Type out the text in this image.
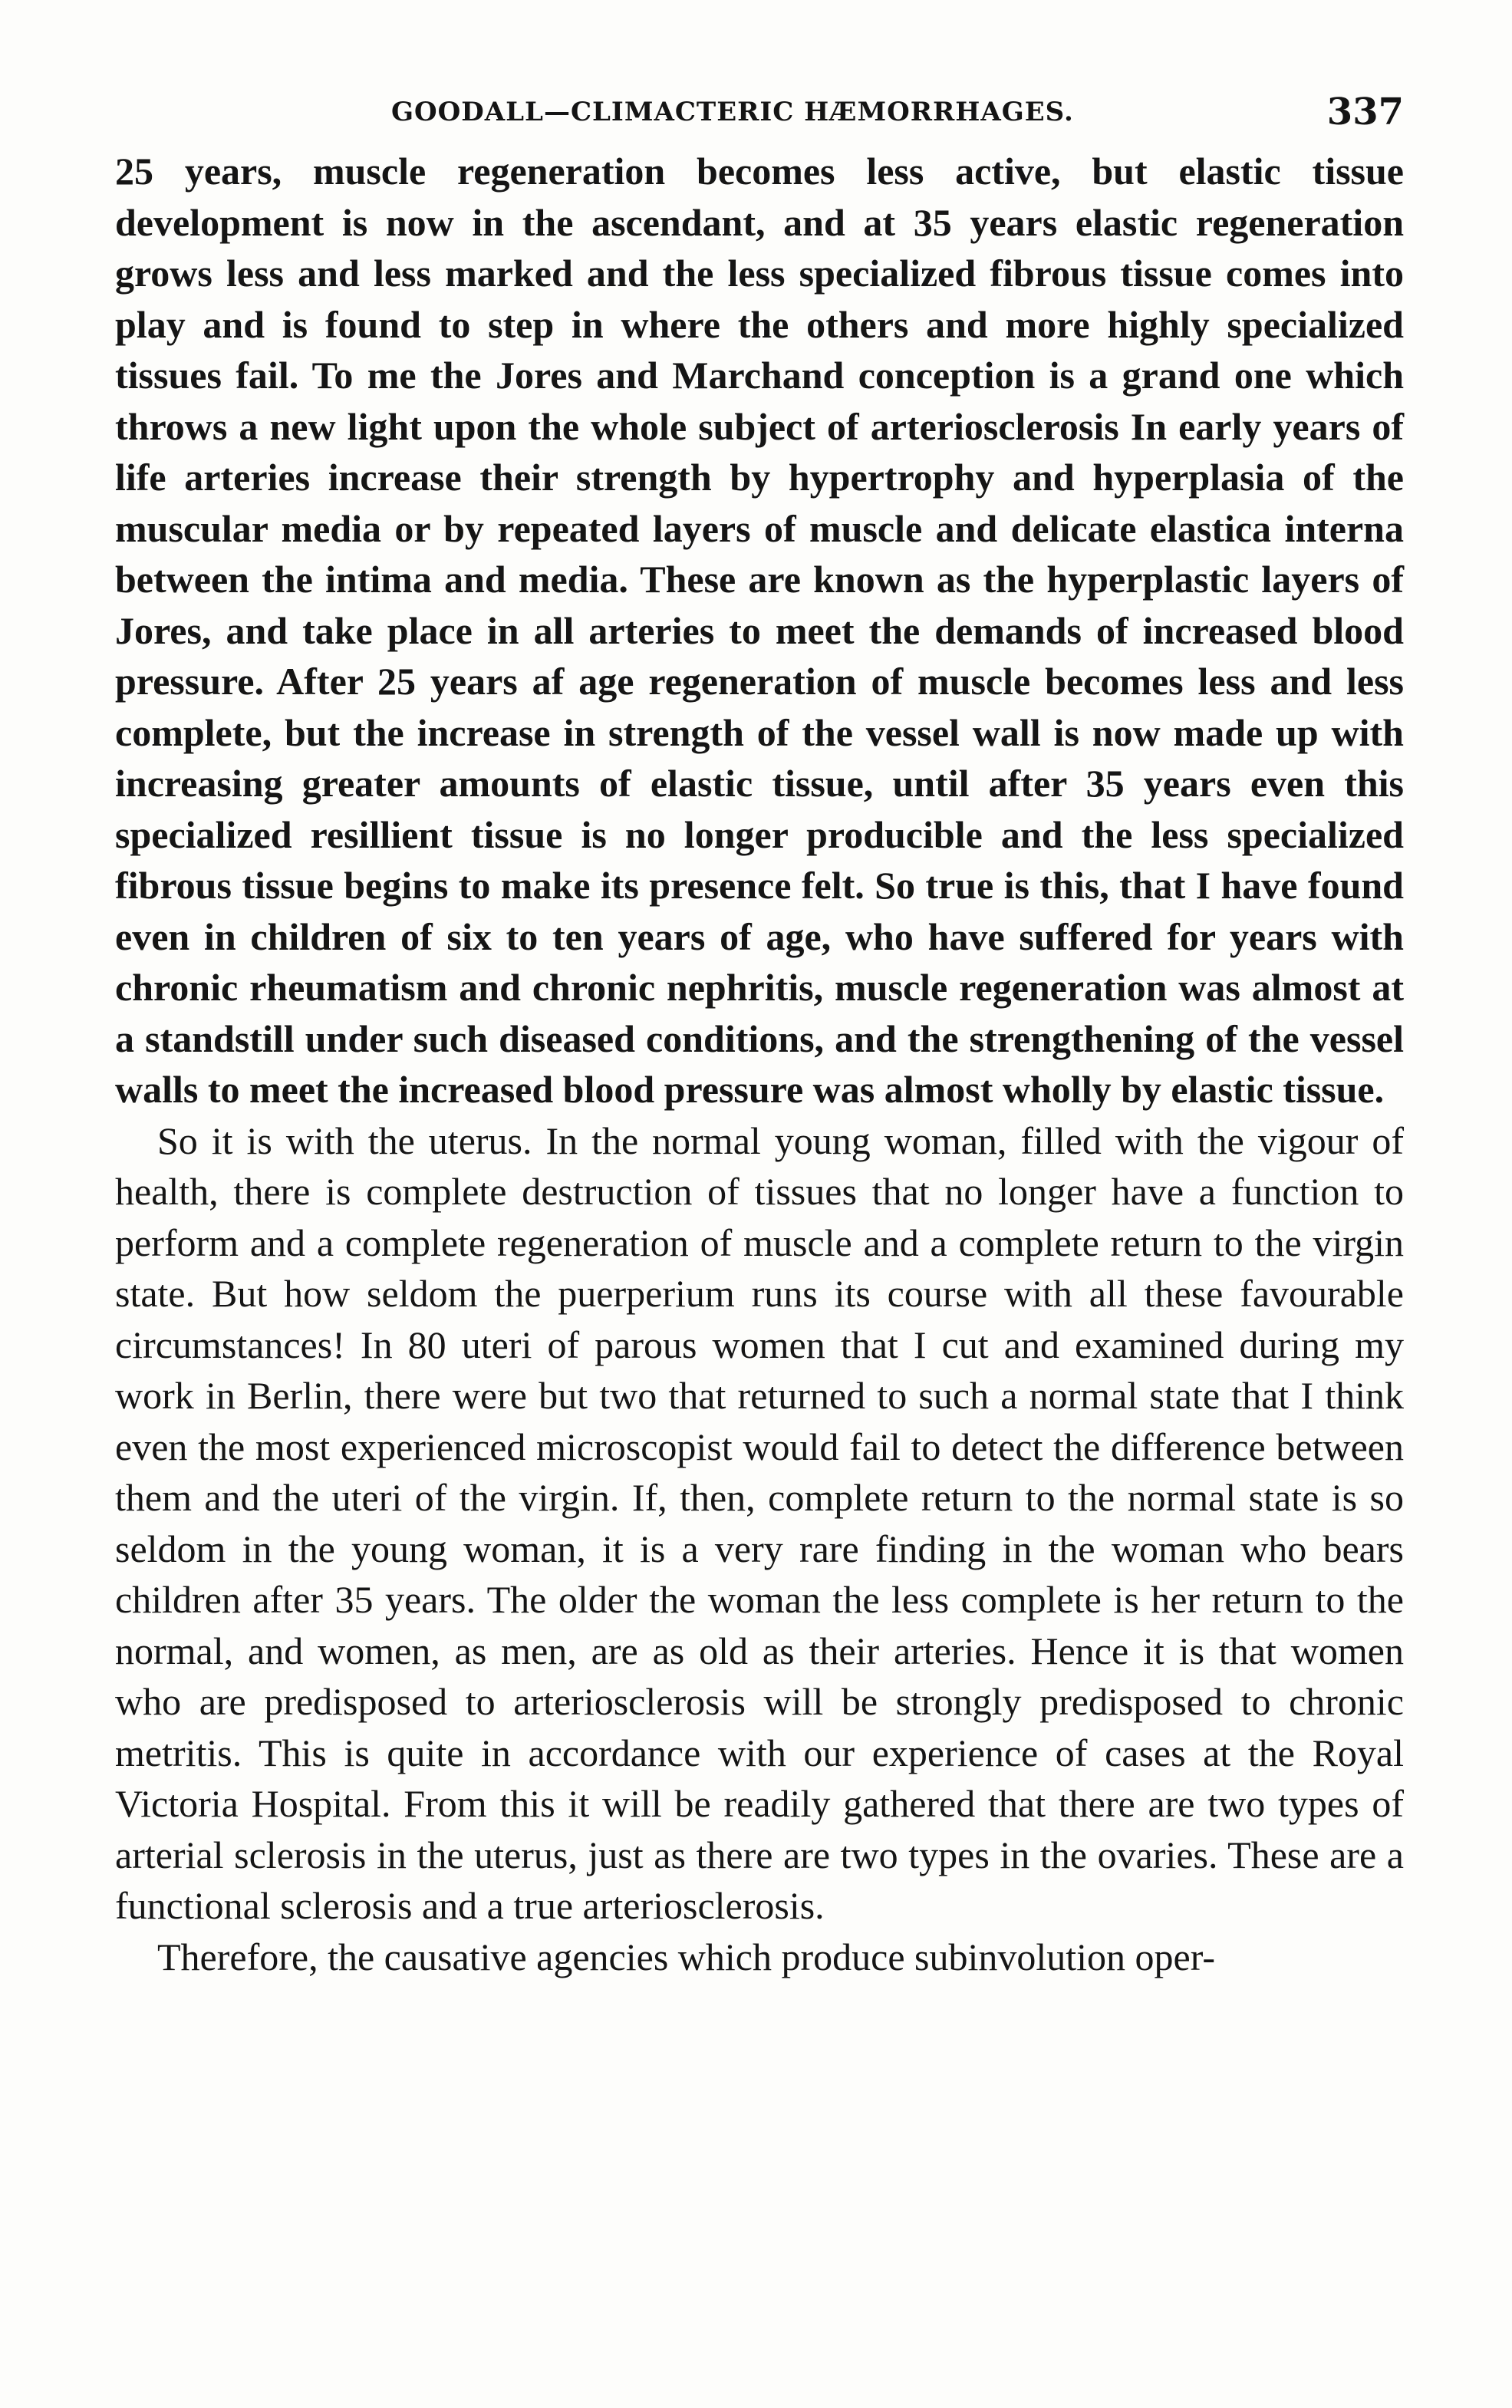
GOODALL—CLIMACTERIC HÆMORRHAGES.	337

25 years, muscle regeneration becomes less active, but elastic tissue development is now in the ascendant, and at 35 years elastic regeneration grows less and less marked and the less specialized fibrous tissue comes into play and is found to step in where the others and more highly specialized tissues fail. To me the Jores and Marchand conception is a grand one which throws a new light upon the whole subject of arteriosclerosis In early years of life arteries increase their strength by hypertrophy and hyperplasia of the muscular media or by repeated layers of muscle and delicate elastica interna between the intima and media. These are known as the hyperplastic layers of Jores, and take place in all arteries to meet the demands of increased blood pressure. After 25 years af age regeneration of muscle becomes less and less complete, but the increase in strength of the vessel wall is now made up with increasing greater amounts of elastic tissue, until after 35 years even this specialized resillient tissue is no longer producible and the less specialized fibrous tissue begins to make its presence felt. So true is this, that I have found even in children of six to ten years of age, who have suffered for years with chronic rheumatism and chronic nephritis, muscle regeneration was almost at a standstill under such diseased conditions, and the strengthening of the vessel walls to meet the increased blood pressure was almost wholly by elastic tissue.

So it is with the uterus. In the normal young woman, filled with the vigour of health, there is complete destruction of tissues that no longer have a function to perform and a complete regeneration of muscle and a complete return to the virgin state. But how seldom the puerperium runs its course with all these favourable circumstances! In 80 uteri of parous women that I cut and examined during my work in Berlin, there were but two that returned to such a normal state that I think even the most experienced microscopist would fail to detect the difference between them and the uteri of the virgin. If, then, complete return to the normal state is so seldom in the young woman, it is a very rare finding in the woman who bears children after 35 years. The older the woman the less complete is her return to the normal, and women, as men, are as old as their arteries. Hence it is that women who are predisposed to arteriosclerosis will be strongly predisposed to chronic metritis. This is quite in accordance with our experience of cases at the Royal Victoria Hospital. From this it will be readily gathered that there are two types of arterial sclerosis in the uterus, just as there are two types in the ovaries. These are a functional sclerosis and a true arteriosclerosis.

Therefore, the causative agencies which produce subinvolution oper-
